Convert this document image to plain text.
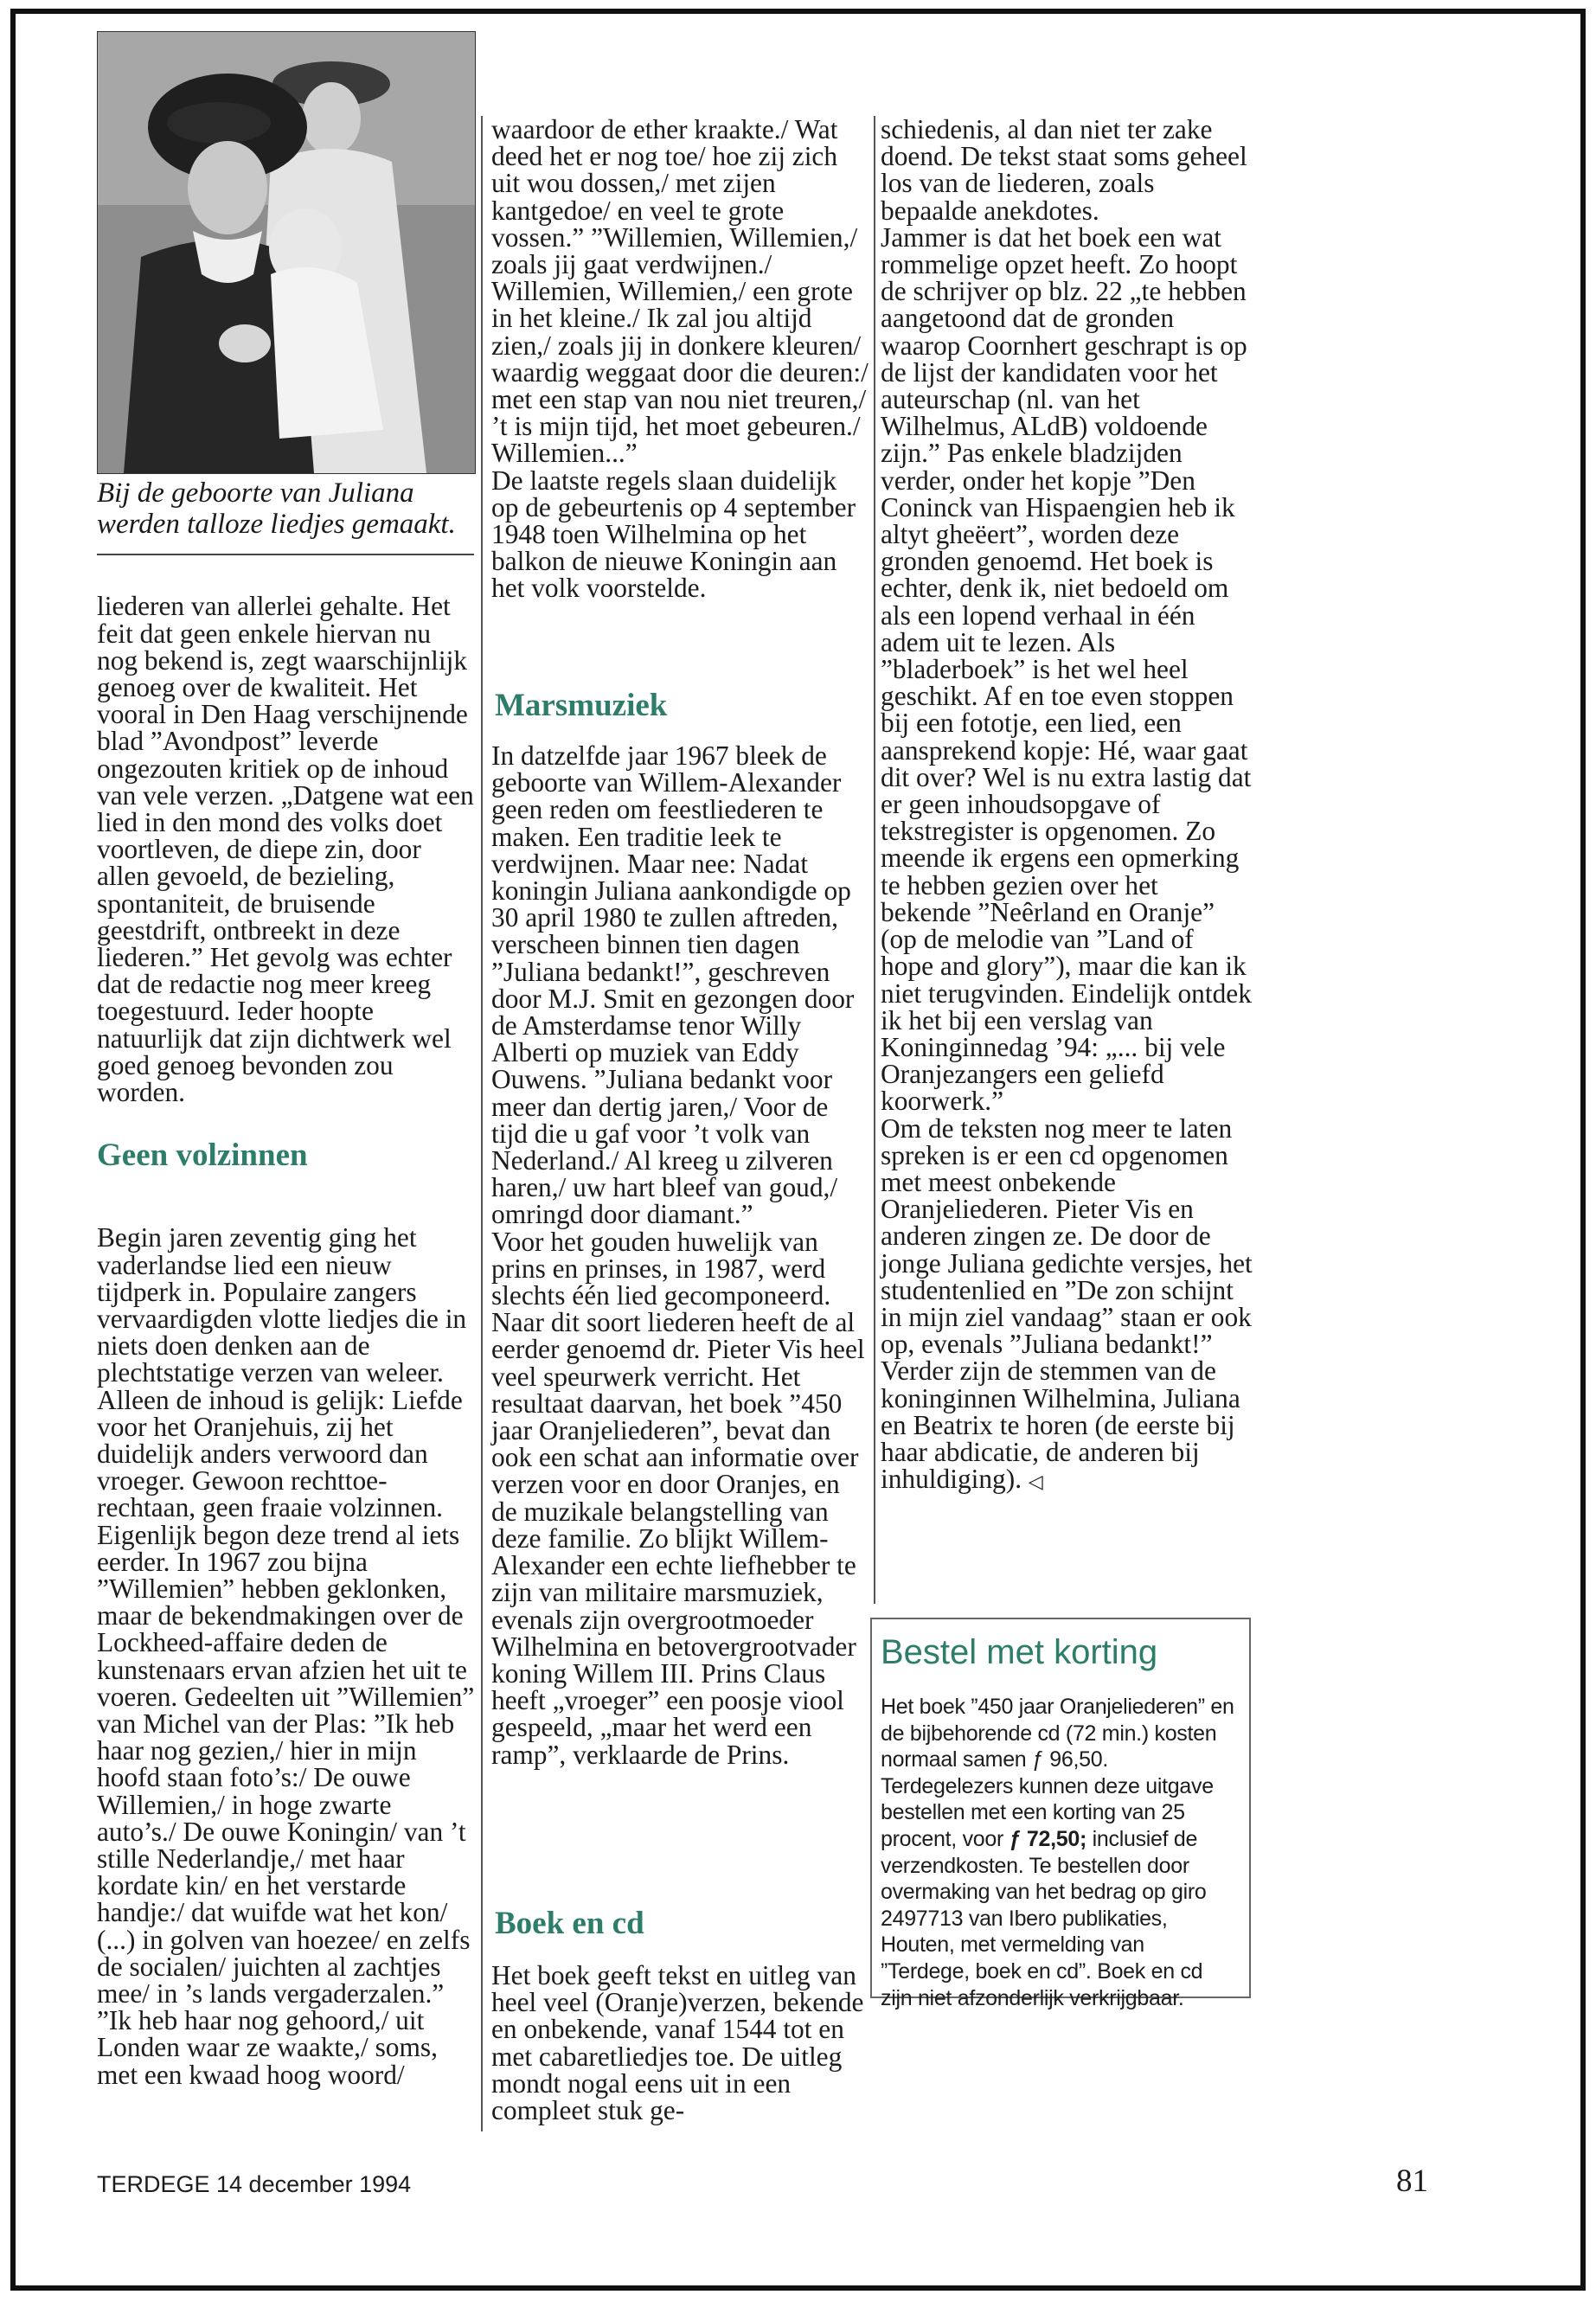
Bij de geboorte van Juliana werden talloze liedjes gemaakt.

liederen van allerlei gehalte. Het feit dat geen enkele hiervan nu nog bekend is, zegt waarschijnlijk genoeg over de kwaliteit. Het vooral in Den Haag verschijnende blad ”Avondpost” leverde ongezouten kritiek op de inhoud van vele verzen. „Datgene wat een lied in den mond des volks doet voortleven, de diepe zin, door allen gevoeld, de bezieling, spontaniteit, de bruisende geestdrift, ontbreekt in deze liederen.” Het gevolg was echter dat de redactie nog meer kreeg toegestuurd. Ieder hoopte natuurlijk dat zijn dichtwerk wel goed genoeg bevonden zou worden.

Geen volzinnen

Begin jaren zeventig ging het vaderlandse lied een nieuw tijdperk in. Populaire zangers vervaardigden vlotte liedjes die in niets doen denken aan de plechtstatige verzen van weleer. Alleen de inhoud is gelijk: Liefde voor het Oranjehuis, zij het duidelijk anders verwoord dan vroeger. Gewoon rechttoe-rechtaan, geen fraaie volzinnen. Eigenlijk begon deze trend al iets eerder. In 1967 zou bijna ”Willemien” hebben geklonken, maar de bekendmakingen over de Lockheed-affaire deden de kunstenaars ervan afzien het uit te voeren. Gedeelten uit ”Willemien” van Michel van der Plas: ”Ik heb haar nog gezien,/ hier in mijn hoofd staan foto’s:/ De ouwe Willemien,/ in hoge zwarte auto’s./ De ouwe Koningin/ van ’t stille Nederlandje,/ met haar kordate kin/ en het verstarde handje:/ dat wuifde wat het kon/ (...) in golven van hoezee/ en zelfs de socialen/ juichten al zachtjes mee/ in ’s lands vergaderzalen.” ”Ik heb haar nog gehoord,/ uit Londen waar ze waakte,/ soms, met een kwaad hoog woord/

waardoor de ether kraakte./ Wat deed het er nog toe/ hoe zij zich uit wou dossen,/ met zijen kantgedoe/ en veel te grote vossen.” ”Willemien, Willemien,/ zoals jij gaat verdwijnen./ Willemien, Willemien,/ een grote in het kleine./ Ik zal jou altijd zien,/ zoals jij in donkere kleuren/ waardig weggaat door die deuren:/ met een stap van nou niet treuren,/ ’t is mijn tijd, het moet gebeuren./ Willemien...”

De laatste regels slaan duidelijk op de gebeurtenis op 4 september 1948 toen Wilhelmina op het balkon de nieuwe Koningin aan het volk voorstelde.

Marsmuziek

In datzelfde jaar 1967 bleek de geboorte van Willem-Alexander geen reden om feestliederen te maken. Een traditie leek te verdwijnen. Maar nee: Nadat koningin Juliana aankondigde op 30 april 1980 te zullen aftreden, verscheen binnen tien dagen ”Juliana bedankt!”, geschreven door M.J. Smit en gezongen door de Amsterdamse tenor Willy Alberti op muziek van Eddy Ouwens. ”Juliana bedankt voor meer dan dertig jaren,/ Voor de tijd die u gaf voor ’t volk van Nederland./ Al kreeg u zilveren haren,/ uw hart bleef van goud,/ omringd door diamant.”

Voor het gouden huwelijk van prins en prinses, in 1987, werd slechts één lied gecomponeerd. Naar dit soort liederen heeft de al eerder genoemd dr. Pieter Vis heel veel speurwerk verricht. Het resultaat daarvan, het boek ”450 jaar Oranjeliederen”, bevat dan ook een schat aan informatie over verzen voor en door Oranjes, en de muzikale belangstelling van deze familie. Zo blijkt Willem-Alexander een echte liefhebber te zijn van militaire marsmuziek, evenals zijn overgrootmoeder Wilhelmina en betovergrootvader koning Willem III. Prins Claus heeft „vroeger” een poosje viool gespeeld, „maar het werd een ramp”, verklaarde de Prins.

Boek en cd

Het boek geeft tekst en uitleg van heel veel (Oranje)verzen, bekende en onbekende, vanaf 1544 tot en met cabaretliedjes toe. De uitleg mondt nogal eens uit in een compleet stuk ge-

schiedenis, al dan niet ter zake doend. De tekst staat soms geheel los van de liederen, zoals bepaalde anekdotes.

Jammer is dat het boek een wat rommelige opzet heeft. Zo hoopt de schrijver op blz. 22 „te hebben aangetoond dat de gronden waarop Coornhert geschrapt is op de lijst der kandidaten voor het auteurschap (nl. van het Wilhelmus, ALdB) voldoende zijn.” Pas enkele bladzijden verder, onder het kopje ”Den Coninck van Hispaengien heb ik altyt gheëert”, worden deze gronden genoemd. Het boek is echter, denk ik, niet bedoeld om als een lopend verhaal in één adem uit te lezen. Als ”bladerboek” is het wel heel geschikt. Af en toe even stoppen bij een fototje, een lied, een aansprekend kopje: Hé, waar gaat dit over? Wel is nu extra lastig dat er geen inhoudsopgave of tekstregister is opgenomen. Zo meende ik ergens een opmerking te hebben gezien over het bekende ”Neêrland en Oranje” (op de melodie van ”Land of hope and glory”), maar die kan ik niet terugvinden. Eindelijk ontdek ik het bij een verslag van Koninginnedag ’94: „... bij vele Oranjezangers een geliefd koorwerk.”

Om de teksten nog meer te laten spreken is er een cd opgenomen met meest onbekende Oranjeliederen. Pieter Vis en anderen zingen ze. De door de jonge Juliana gedichte versjes, het studentenlied en ”De zon schijnt in mijn ziel vandaag” staan er ook op, evenals ”Juliana bedankt!” Verder zijn de stemmen van de koninginnen Wilhelmina, Juliana en Beatrix te horen (de eerste bij haar abdicatie, de anderen bij inhuldiging). ◁

Bestel met korting
Het boek ”450 jaar Oranjeliederen” en de bijbehorende cd (72 min.) kosten normaal samen ƒ 96,50. Terdegelezers kunnen deze uitgave bestellen met een korting van 25 procent, voor ƒ 72,50; inclusief de verzendkosten. Te bestellen door overmaking van het bedrag op giro 2497713 van Ibero publikaties, Houten, met vermelding van ”Terdege, boek en cd”. Boek en cd zijn niet afzonderlijk verkrijgbaar.
TERDEGE 14 december 1994	81
